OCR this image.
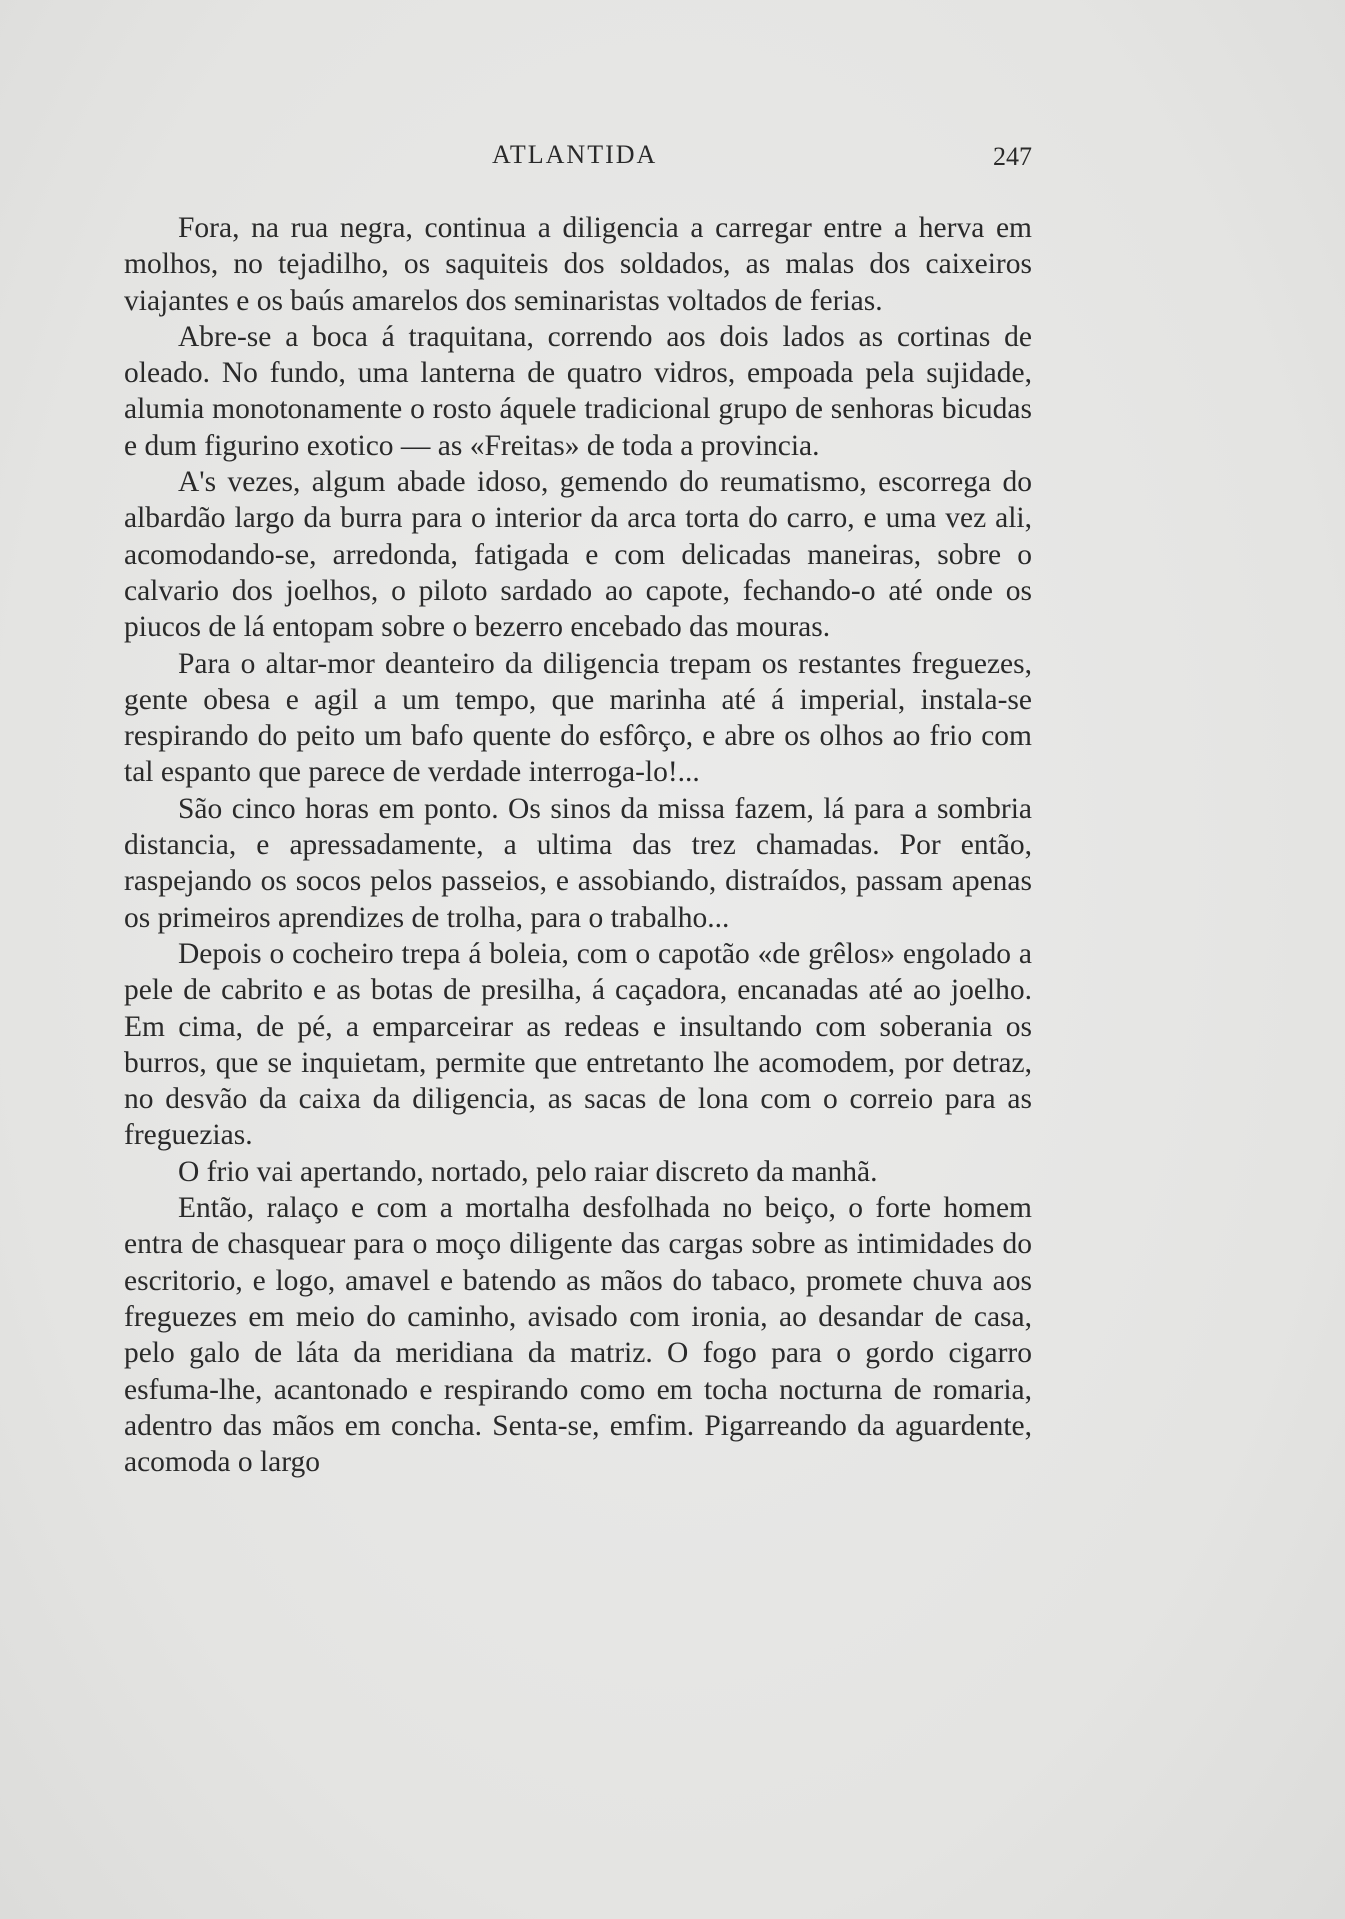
ATLANTIDA	247

Fora, na rua negra, continua a diligencia a carregar entre a herva em molhos, no tejadilho, os saquiteis dos soldados, as malas dos caixeiros viajantes e os baús amarelos dos seminaristas voltados de ferias.

Abre-se a boca á traquitana, correndo aos dois lados as cortinas de oleado. No fundo, uma lanterna de quatro vidros, empoada pela sujidade, alumia monotonamente o rosto áquele tradicional grupo de senhoras bicudas e dum figurino exotico — as «Freitas» de toda a provincia.

A's vezes, algum abade idoso, gemendo do reumatismo, escorrega do albardão largo da burra para o interior da arca torta do carro, e uma vez ali, acomodando-se, arredonda, fatigada e com delicadas maneiras, sobre o calvario dos joelhos, o piloto sardado ao capote, fechando-o até onde os piucos de lá entopam sobre o bezerro encebado das mouras.

Para o altar-mor deanteiro da diligencia trepam os restantes freguezes, gente obesa e agil a um tempo, que marinha até á imperial, instala-se respirando do peito um bafo quente do esfôrço, e abre os olhos ao frio com tal espanto que parece de verdade interroga-lo!...

São cinco horas em ponto. Os sinos da missa fazem, lá para a sombria distancia, e apressadamente, a ultima das trez chamadas. Por então, raspejando os socos pelos passeios, e assobiando, distraídos, passam apenas os primeiros aprendizes de trolha, para o trabalho...

Depois o cocheiro trepa á boleia, com o capotão «de grêlos» engolado a pele de cabrito e as botas de presilha, á caçadora, encanadas até ao joelho. Em cima, de pé, a emparceirar as redeas e insultando com soberania os burros, que se inquietam, permite que entretanto lhe acomodem, por detraz, no desvão da caixa da diligencia, as sacas de lona com o correio para as freguezias.

O frio vai apertando, nortado, pelo raiar discreto da manhã.

Então, ralaço e com a mortalha desfolhada no beiço, o forte homem entra de chasquear para o moço diligente das cargas sobre as intimidades do escritorio, e logo, amavel e batendo as mãos do tabaco, promete chuva aos freguezes em meio do caminho, avisado com ironia, ao desandar de casa, pelo galo de láta da meridiana da matriz. O fogo para o gordo cigarro esfuma-lhe, acantonado e respirando como em tocha nocturna de romaria, adentro das mãos em concha. Senta-se, emfim. Pigarreando da aguardente, acomoda o largo
